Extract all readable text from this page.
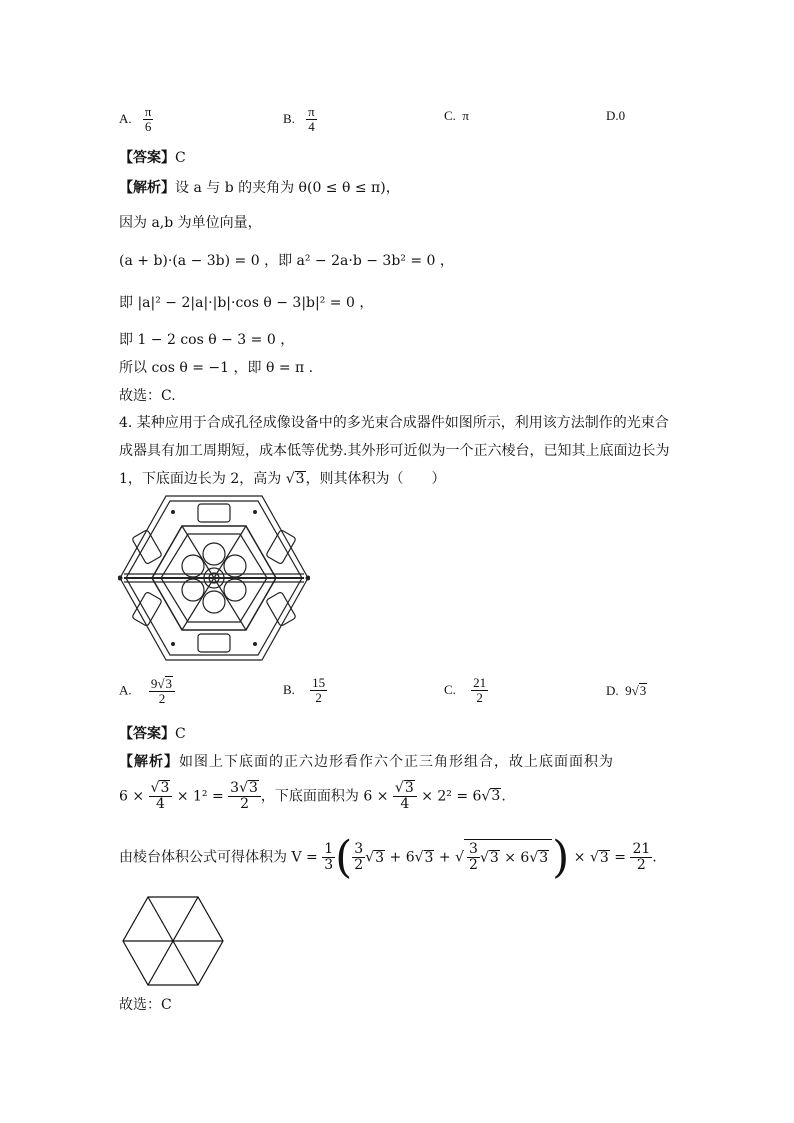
A. $\frac{\pi}{6}$	B. $\frac{\pi}{4}$	C. π	D.0
【答案】C
【解析】设 a 与 b 的夹角为 θ(0 ≤ θ ≤ π)，
因为 a,b 为单位向量，
(a + b)·(a − 3b) = 0 ，即 a² − 2a·b − 3b² = 0 ，
即 |a|² − 2|a|·|b|·cos θ − 3|b|² = 0 ，
即 1 − 2 cos θ − 3 = 0 ，
所以 cos θ = −1 ，即 θ = π .
故选：C.
4. 某种应用于合成孔径成像设备中的多光束合成器件如图所示，利用该方法制作的光束合
成器具有加工周期短，成本低等优势.其外形可近似为一个正六棱台，已知其上底面边长为
1，下底面边长为 2，高为 √3，则其体积为（　　）
A. $\frac{9√3}{2}$	B. $\frac{15}{2}$	C. $\frac{21}{2}$	D. 9√3
【答案】C
【解析】如图上下底面的正六边形看作六个正三角形组合，故上底面面积为
$6 \times \frac{√3}{4} \times 1^2 = \frac{3√3}{2}$ ，下底面面积为 $6 \times \frac{√3}{4} \times 2^2 = 6√3$.
由棱台体积公式可得体积为 $V = \frac{1}{3}$ ( $\frac{3}{2} √3 + 6√3$ + √ $\frac{3}{2} √3 \times 6√3) \times √3 = \frac{21}{2}$ .
故选：C
